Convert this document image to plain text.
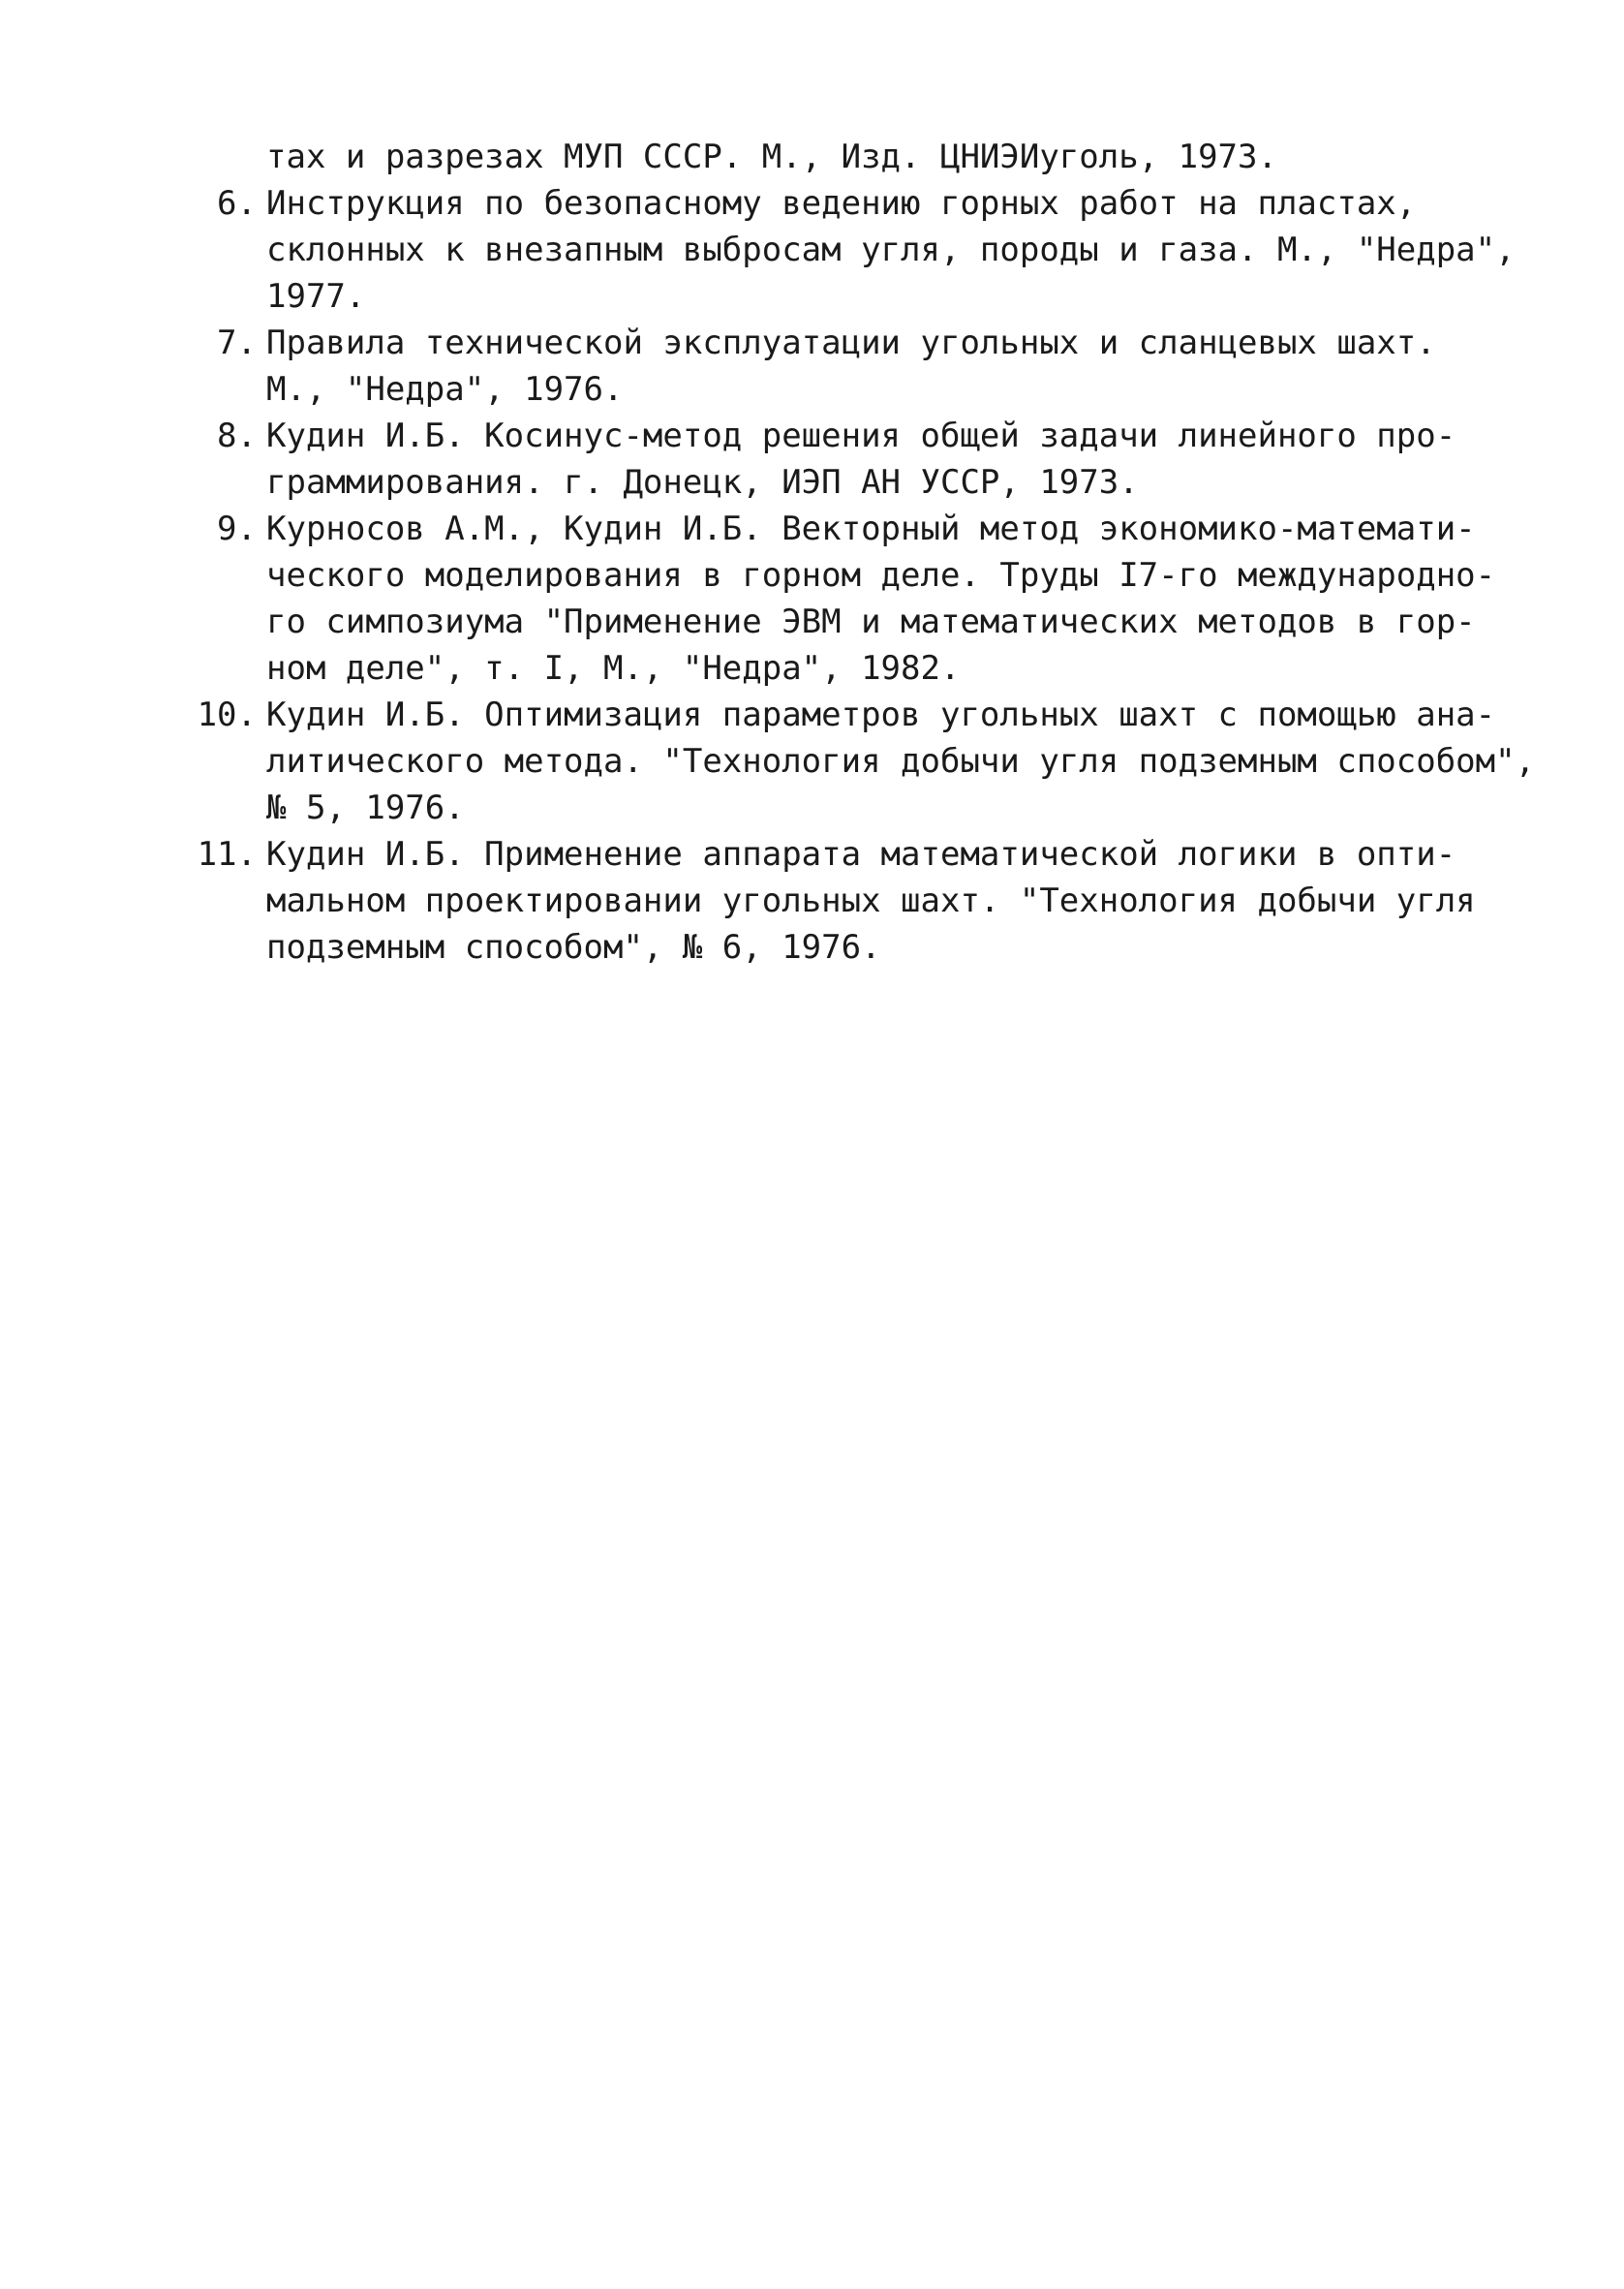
тах и разрезах МУП СССР. М., Изд. ЦНИЭИуголь, 1973.
6. Инструкция по безопасному ведению горных работ на пластах,
склонных к внезапным выбросам угля, породы и газа. М., "Недра",
1977.
7. Правила технической эксплуатации угольных и сланцевых шахт.
М., "Недра", 1976.
8. Кудин И.Б. Косинус-метод решения общей задачи линейного про-
граммирования. г. Донецк, ИЭП АН УССР, 1973.
9. Курносов А.М., Кудин И.Б. Векторный метод экономико-математи-
ческого моделирования в горном деле. Труды I7-го международно-
го симпозиума "Применение ЭВМ и математических методов в гор-
ном деле", т. I, М., "Недра", 1982.
10. Кудин И.Б. Оптимизация параметров угольных шахт с помощью ана-
литического метода. "Технология добычи угля подземным способом",
№ 5, 1976.
11. Кудин И.Б. Применение аппарата математической логики в опти-
мальном проектировании угольных шахт. "Технология добычи угля
подземным способом", № 6, 1976.
